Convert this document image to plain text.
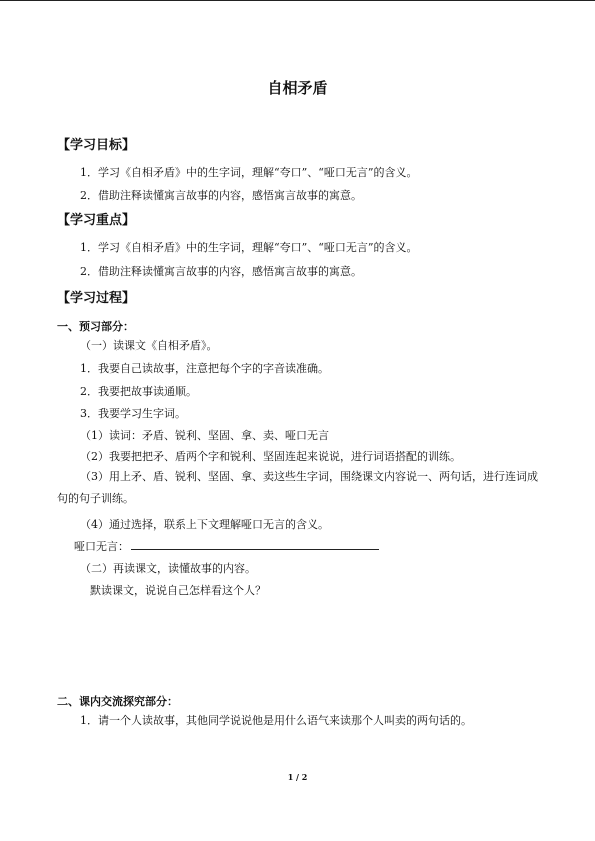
自相矛盾
【学习目标】
1．学习《自相矛盾》中的生字词，理解“夸口”、“哑口无言”的含义。
2．借助注释读懂寓言故事的内容，感悟寓言故事的寓意。
【学习重点】
1．学习《自相矛盾》中的生字词，理解“夸口”、“哑口无言”的含义。
2．借助注释读懂寓言故事的内容，感悟寓言故事的寓意。
【学习过程】
一、预习部分：
（一）读课文《自相矛盾》。
1．我要自己读故事，注意把每个字的字音读准确。
2．我要把故事读通顺。
3．我要学习生字词。
（1）读词：矛盾、锐利、坚固、拿、卖、哑口无言
（2）我要把把矛、盾两个字和锐利、坚固连起来说说，进行词语搭配的训练。
（3）用上矛、盾、锐利、坚固、拿、卖这些生字词，围绕课文内容说一、两句话，进行连词成句的句子训练。
（4）通过选择，联系上下文理解哑口无言的含义。
哑口无言：
（二）再读课文，读懂故事的内容。
默读课文，说说自己怎样看这个人？
二、课内交流探究部分：
1．请一个人读故事，其他同学说说他是用什么语气来读那个人叫卖的两句话的。
1 / 2
